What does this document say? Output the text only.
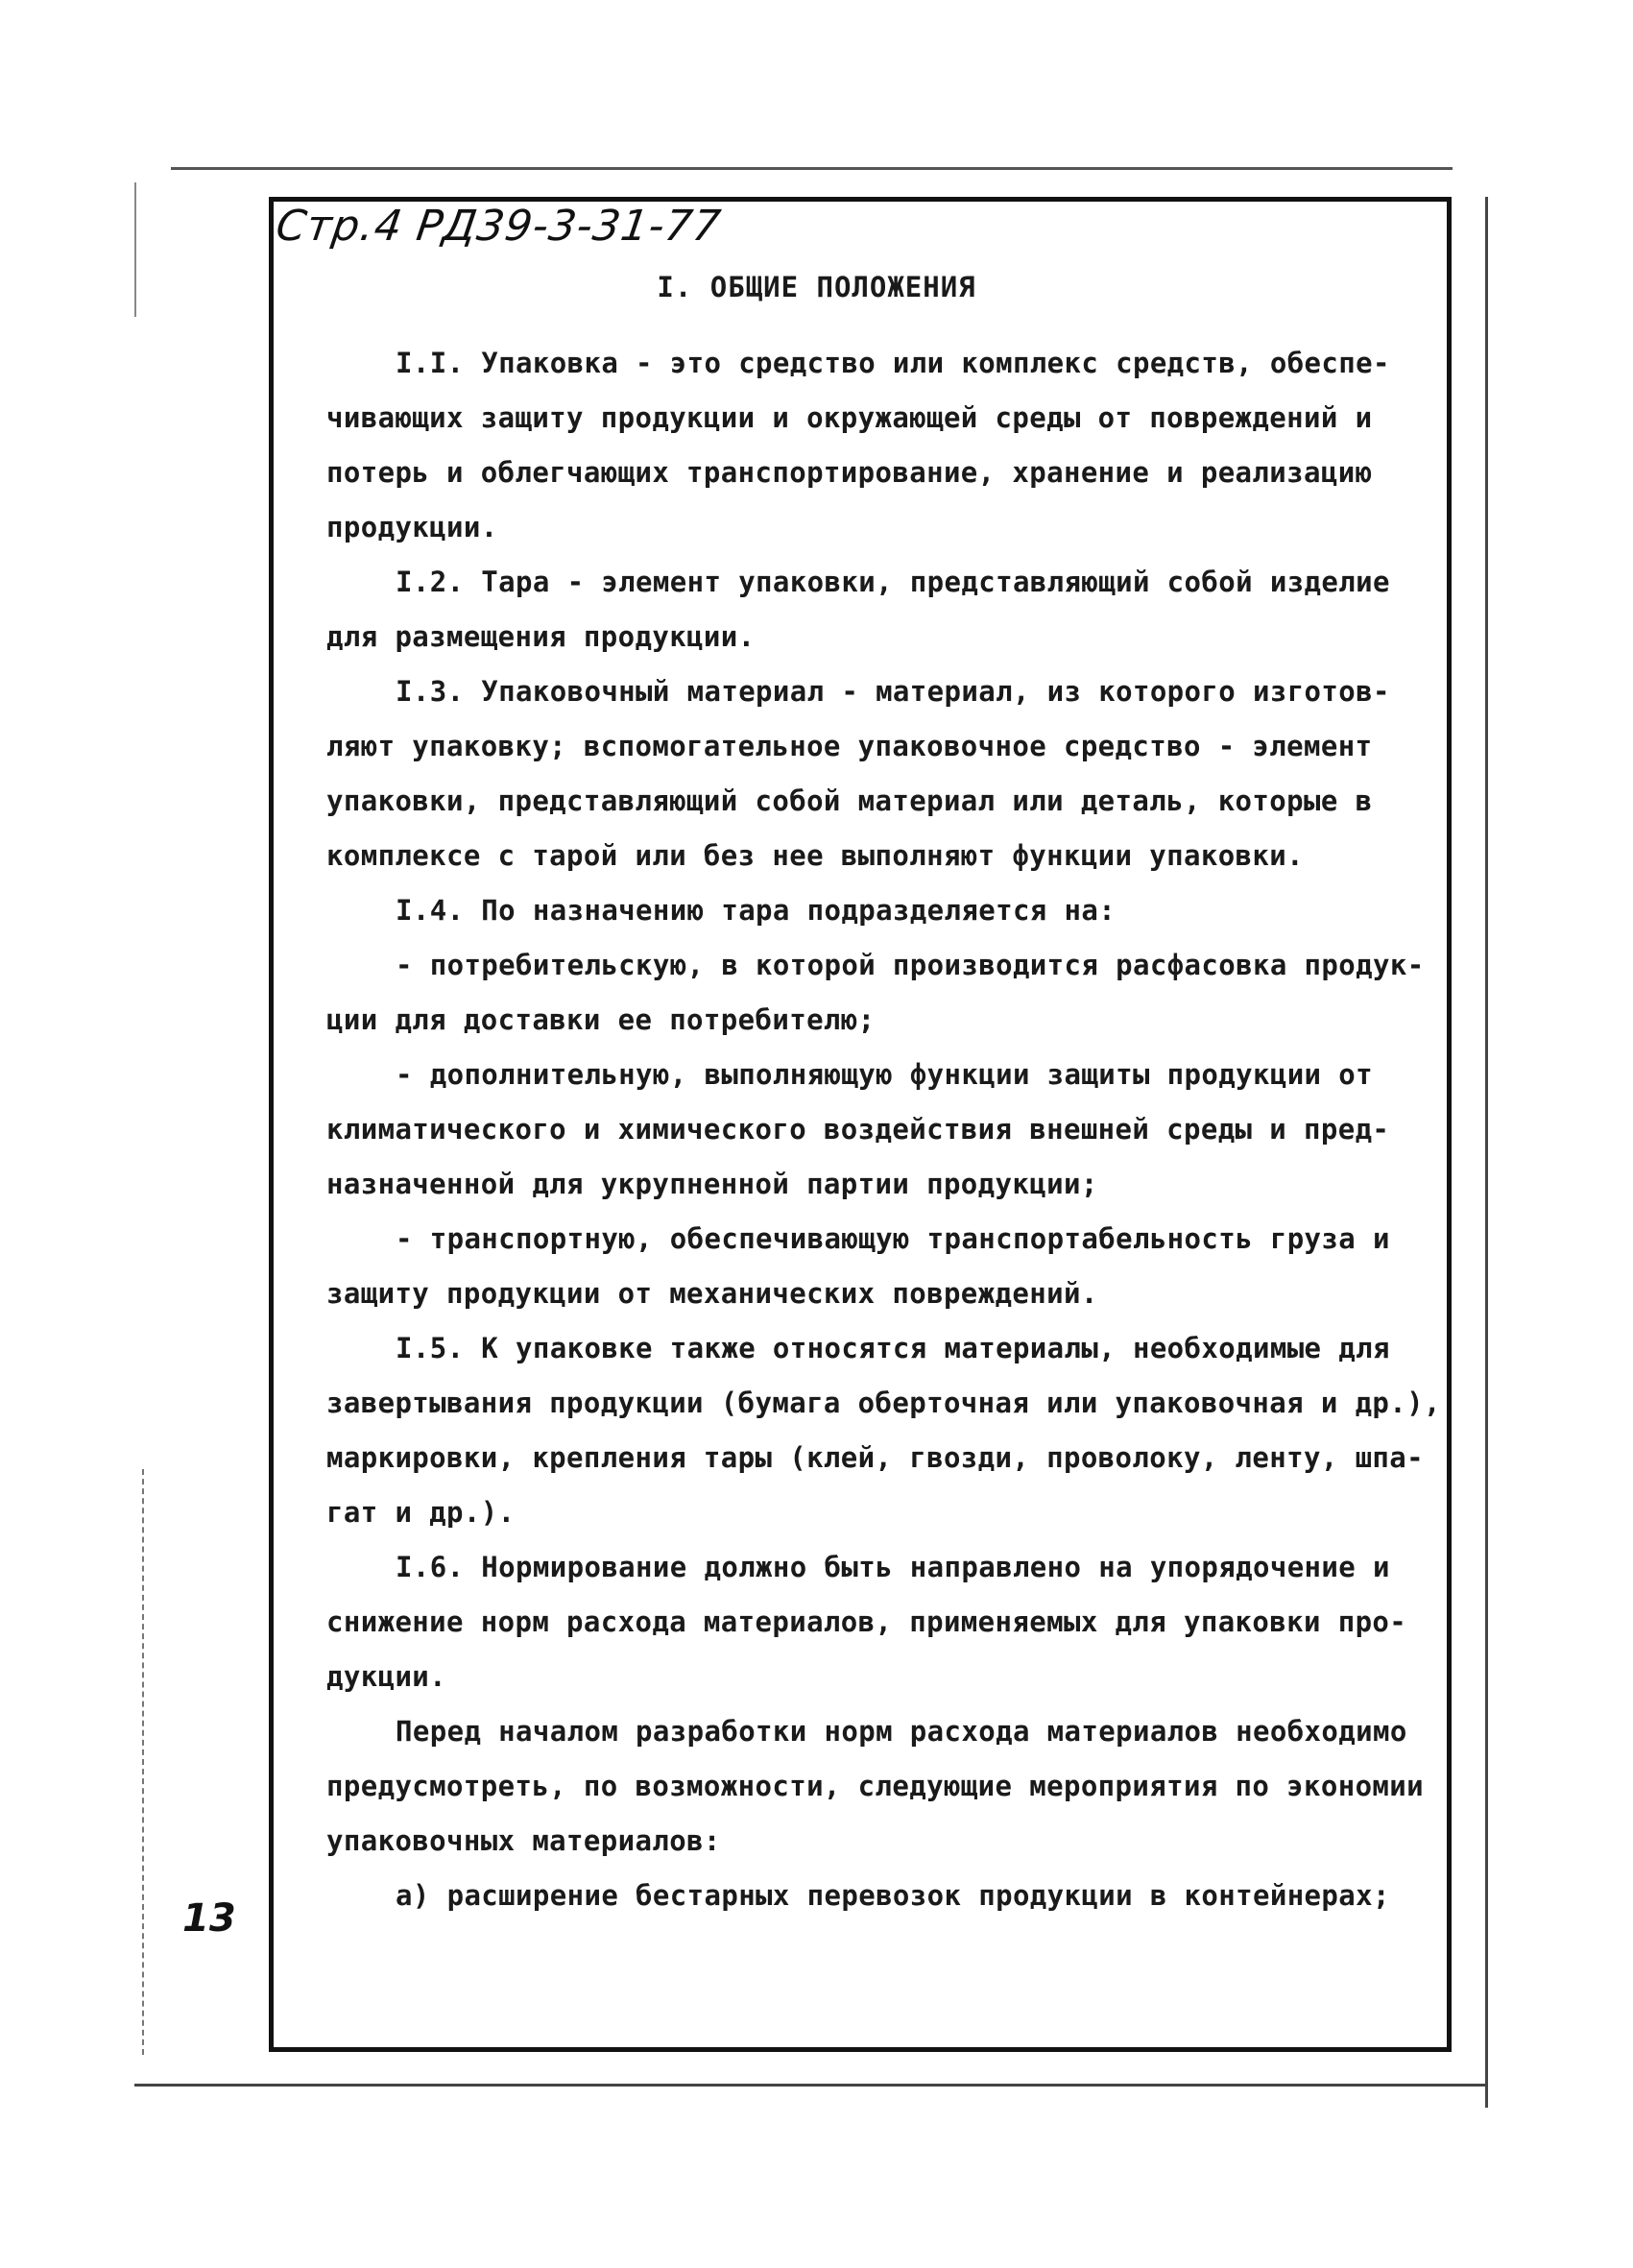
Стр.4 РД39-3-31-77
I. ОБЩИЕ ПОЛОЖЕНИЯ
I.I. Упаковка - это средство или комплекс средств, обеспе-
чивающих защиту продукции и окружающей среды от повреждений и
потерь и облегчающих транспортирование, хранение и реализацию
продукции.
I.2. Тара - элемент упаковки, представляющий собой изделие
для размещения продукции.
I.3. Упаковочный материал - материал, из которого изготов-
ляют упаковку; вспомогательное упаковочное средство - элемент
упаковки, представляющий собой материал или деталь, которые в
комплексе с тарой или без нее выполняют функции упаковки.
I.4. По назначению тара подразделяется на:
- потребительскую, в которой производится расфасовка продук-
ции для доставки ее потребителю;
- дополнительную, выполняющую функции защиты продукции от
климатического и химического воздействия внешней среды и пред-
назначенной для укрупненной партии продукции;
- транспортную, обеспечивающую транспортабельность груза и
защиту продукции от механических повреждений.
I.5. К упаковке также относятся материалы, необходимые для
завертывания продукции (бумага оберточная или упаковочная и др.),
маркировки, крепления тары (клей, гвозди, проволоку, ленту, шпа-
гат и др.).
I.6. Нормирование должно быть направлено на упорядочение и
снижение норм расхода материалов, применяемых для упаковки про-
дукции.
Перед началом разработки норм расхода материалов необходимо
предусмотреть, по возможности, следующие мероприятия по экономии
упаковочных материалов:
а) расширение бестарных перевозок продукции в контейнерах;
13
